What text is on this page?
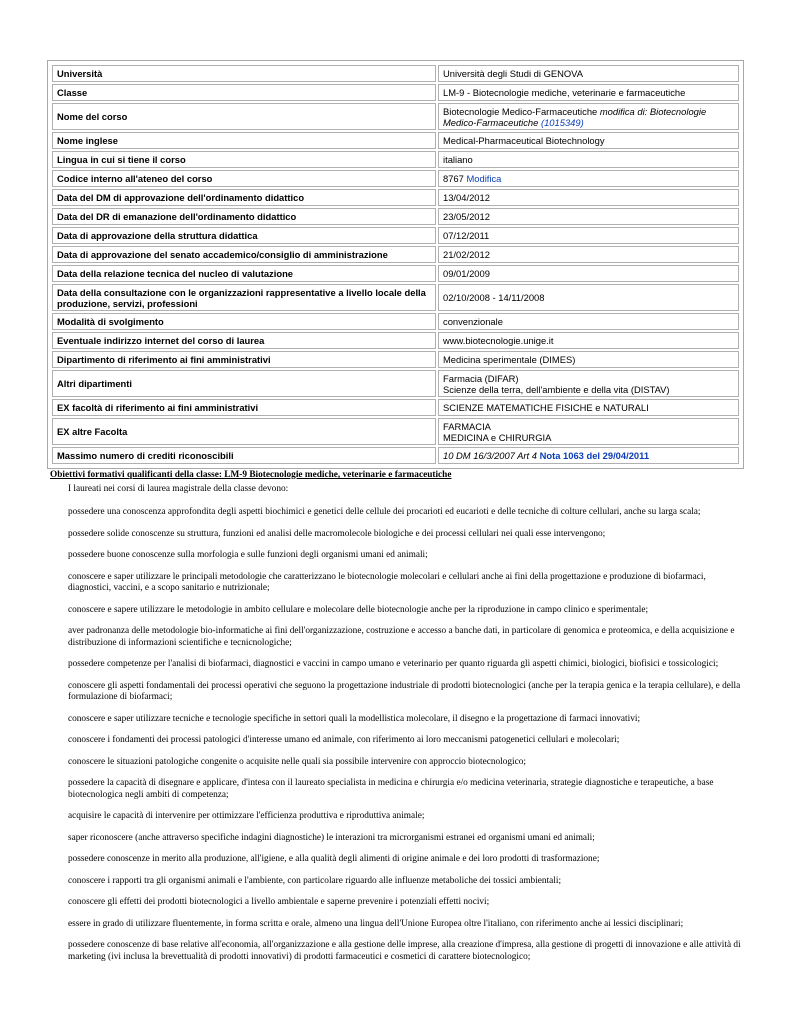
Università	Università degli Studi di GENOVA
Classe	LM-9 - Biotecnologie mediche, veterinarie e farmaceutiche
Nome del corso	Biotecnologie Medico-Farmaceutiche modifica di: Biotecnologie Medico-Farmaceutiche (1015349)
Nome inglese	Medical-Pharmaceutical Biotechnology
Lingua in cui si tiene il corso	italiano
Codice interno all'ateneo del corso	8767 Modifica
Data del DM di approvazione dell'ordinamento didattico	13/04/2012
Data del DR di emanazione dell'ordinamento didattico	23/05/2012
Data di approvazione della struttura didattica	07/12/2011
Data di approvazione del senato accademico/consiglio di amministrazione	21/02/2012
Data della relazione tecnica del nucleo di valutazione	09/01/2009
Data della consultazione con le organizzazioni rappresentative a livello locale della produzione, servizi, professioni	02/10/2008 - 14/11/2008
Modalità di svolgimento	convenzionale
Eventuale indirizzo internet del corso di laurea	www.biotecnologie.unige.it
Dipartimento di riferimento ai fini amministrativi	Medicina sperimentale (DIMES)
Altri dipartimenti	Farmacia (DIFAR)
Scienze della terra, dell'ambiente e della vita (DISTAV)

EX facoltà di riferimento ai fini amministrativi	SCIENZE MATEMATICHE FISICHE e NATURALI
EX altre Facolta	FARMACIA
MEDICINA e CHIRURGIA

Massimo numero di crediti riconoscibili	10 DM 16/3/2007 Art 4 Nota 1063 del 29/04/2011
Obiettivi formativi qualificanti della classe: LM-9 Biotecnologie mediche, veterinarie e farmaceutiche
I laureati nei corsi di laurea magistrale della classe devono:
possedere una conoscenza approfondita degli aspetti biochimici e genetici delle cellule dei procarioti ed eucarioti e delle tecniche di colture cellulari, anche su larga scala;
possedere solide conoscenze su struttura, funzioni ed analisi delle macromolecole biologiche e dei processi cellulari nei quali esse intervengono;
possedere buone conoscenze sulla morfologia e sulle funzioni degli organismi umani ed animali;
conoscere e saper utilizzare le principali metodologie che caratterizzano le biotecnologie molecolari e cellulari anche ai fini della progettazione e produzione di biofarmaci, diagnostici, vaccini, e a scopo sanitario e nutrizionale;
conoscere e sapere utilizzare le metodologie in ambito cellulare e molecolare delle biotecnologie anche per la riproduzione in campo clinico e sperimentale;
aver padronanza delle metodologie bio-informatiche ai fini dell'organizzazione, costruzione e accesso a banche dati, in particolare di genomica e proteomica, e della acquisizione e distribuzione di informazioni scientifiche e tecnicnologiche;
possedere competenze per l'analisi di biofarmaci, diagnostici e vaccini in campo umano e veterinario per quanto riguarda gli aspetti chimici, biologici, biofisici e tossicologici;
conoscere gli aspetti fondamentali dei processi operativi che seguono la progettazione industriale di prodotti biotecnologici (anche per la terapia genica e la terapia cellulare), e della formulazione di biofarmaci;
conoscere e saper utilizzare tecniche e tecnologie specifiche in settori quali la modellistica molecolare, il disegno e la progettazione di farmaci innovativi;
conoscere i fondamenti dei processi patologici d'interesse umano ed animale, con riferimento ai loro meccanismi patogenetici cellulari e molecolari;
conoscere le situazioni patologiche congenite o acquisite nelle quali sia possibile intervenire con approccio biotecnologico;
possedere la capacità di disegnare e applicare, d'intesa con il laureato specialista in medicina e chirurgia e/o medicina veterinaria, strategie diagnostiche e terapeutiche, a base biotecnologica negli ambiti di competenza;
acquisire le capacità di intervenire per ottimizzare l'efficienza produttiva e riproduttiva animale;
saper riconoscere (anche attraverso specifiche indagini diagnostiche) le interazioni tra microrganismi estranei ed organismi umani ed animali;
possedere conoscenze in merito alla produzione, all'igiene, e alla qualità degli alimenti di origine animale e dei loro prodotti di trasformazione;
conoscere i rapporti tra gli organismi animali e l'ambiente, con particolare riguardo alle influenze metaboliche dei tossici ambientali;
conoscere gli effetti dei prodotti biotecnologici a livello ambientale e saperne prevenire i potenziali effetti nocivi;
essere in grado di utilizzare fluentemente, in forma scritta e orale, almeno una lingua dell'Unione Europea oltre l'italiano, con riferimento anche ai lessici disciplinari;
possedere conoscenze di base relative all'economia, all'organizzazione e alla gestione delle imprese, alla creazione d'impresa, alla gestione di progetti di innovazione e alle attività di marketing (ivi inclusa la brevettualità di prodotti innovativi) di prodotti farmaceutici e cosmetici di carattere biotecnologico;
